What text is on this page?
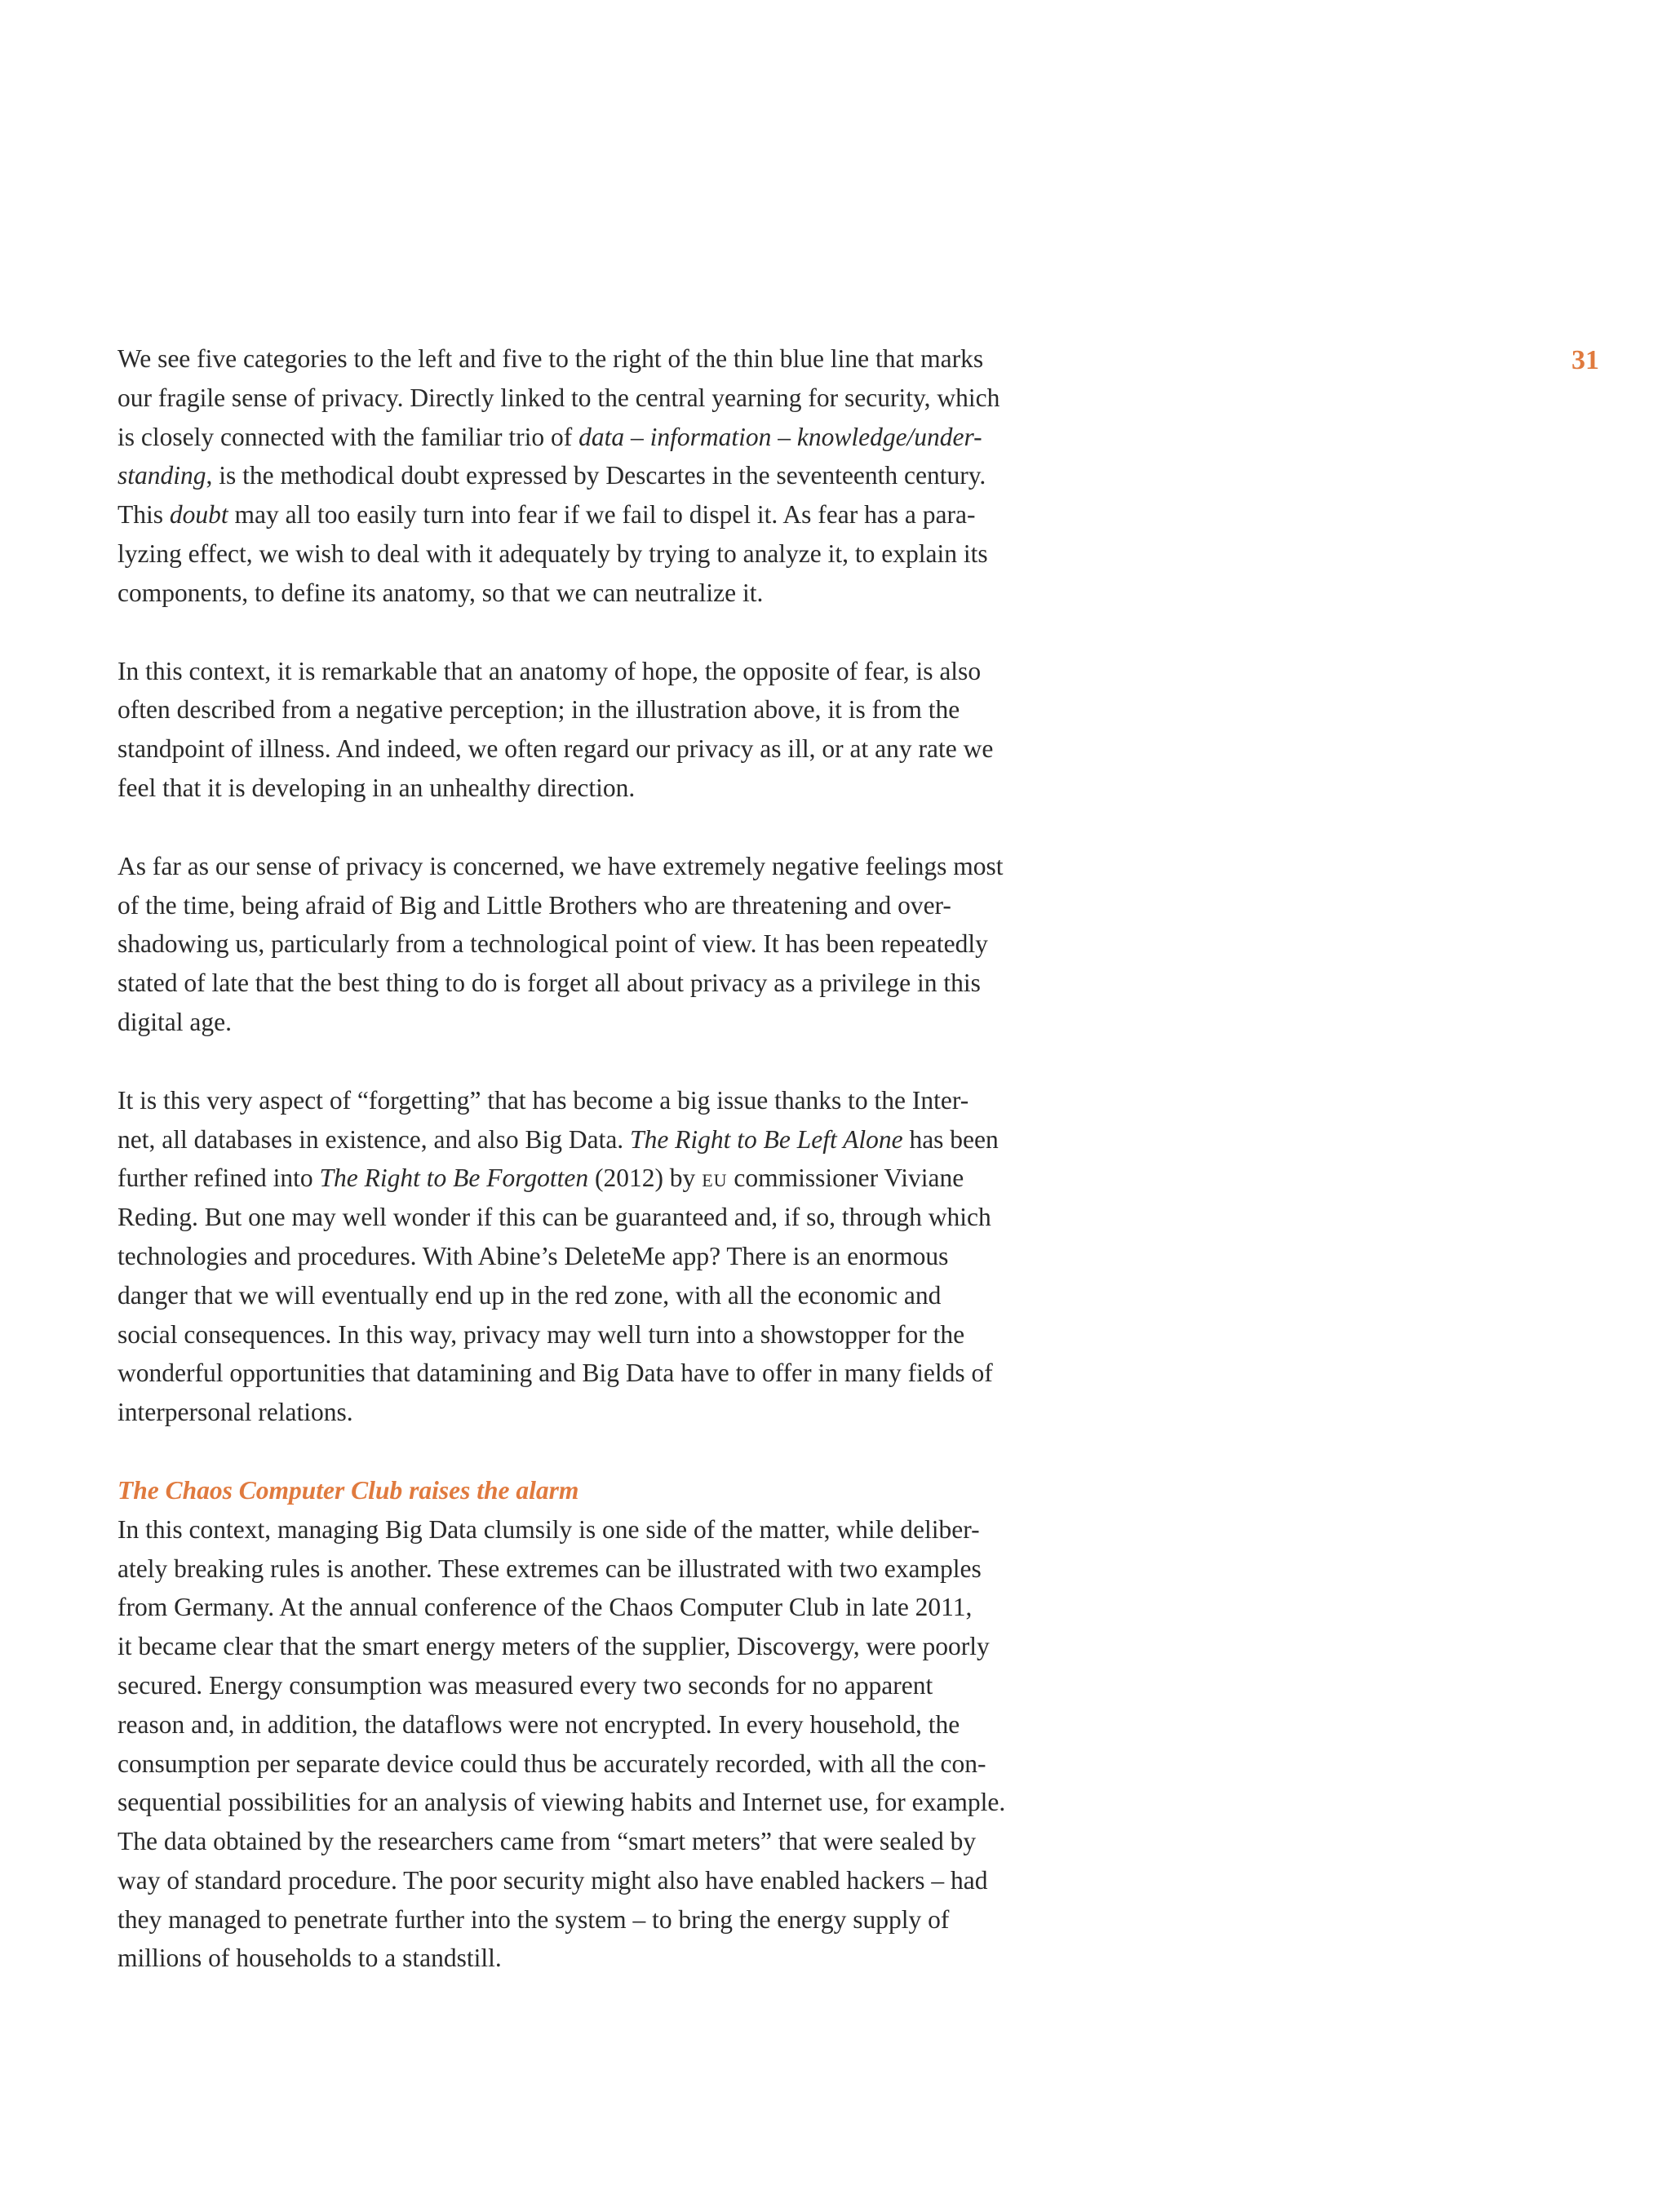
31

We see five categories to the left and five to the right of the thin blue line that marks
our fragile sense of privacy. Directly linked to the central yearning for security, which
is closely connected with the familiar trio of data – information – knowledge/under-
standing, is the methodical doubt expressed by Descartes in the seventeenth century.
This doubt may all too easily turn into fear if we fail to dispel it. As fear has a para-
lyzing effect, we wish to deal with it adequately by trying to analyze it, to explain its
components, to define its anatomy, so that we can neutralize it.

In this context, it is remarkable that an anatomy of hope, the opposite of fear, is also
often described from a negative perception; in the illustration above, it is from the
standpoint of illness. And indeed, we often regard our privacy as ill, or at any rate we
feel that it is developing in an unhealthy direction.

As far as our sense of privacy is concerned, we have extremely negative feelings most
of the time, being afraid of Big and Little Brothers who are threatening and over-
shadowing us, particularly from a technological point of view. It has been repeatedly
stated of late that the best thing to do is forget all about privacy as a privilege in this
digital age.

It is this very aspect of “forgetting” that has become a big issue thanks to the Inter-
net, all databases in existence, and also Big Data. The Right to Be Left Alone has been
further refined into The Right to Be Forgotten (2012) by eu commissioner Viviane
Reding. But one may well wonder if this can be guaranteed and, if so, through which
technologies and procedures. With Abine’s DeleteMe app? There is an enormous
danger that we will eventually end up in the red zone, with all the economic and
social consequences. In this way, privacy may well turn into a showstopper for the
wonderful opportunities that datamining and Big Data have to offer in many fields of
interpersonal relations.

The Chaos Computer Club raises the alarm

In this context, managing Big Data clumsily is one side of the matter, while deliber-
ately breaking rules is another. These extremes can be illustrated with two examples
from Germany. At the annual conference of the Chaos Computer Club in late 2011,
it became clear that the smart energy meters of the supplier, Discovergy, were poorly
secured. Energy consumption was measured every two seconds for no apparent
reason and, in addition, the dataflows were not encrypted. In every household, the
consumption per separate device could thus be accurately recorded, with all the con-
sequential possibilities for an analysis of viewing habits and Internet use, for example.
The data obtained by the researchers came from “smart meters” that were sealed by
way of standard procedure. The poor security might also have enabled hackers – had
they managed to penetrate further into the system – to bring the energy supply of
millions of households to a standstill.
